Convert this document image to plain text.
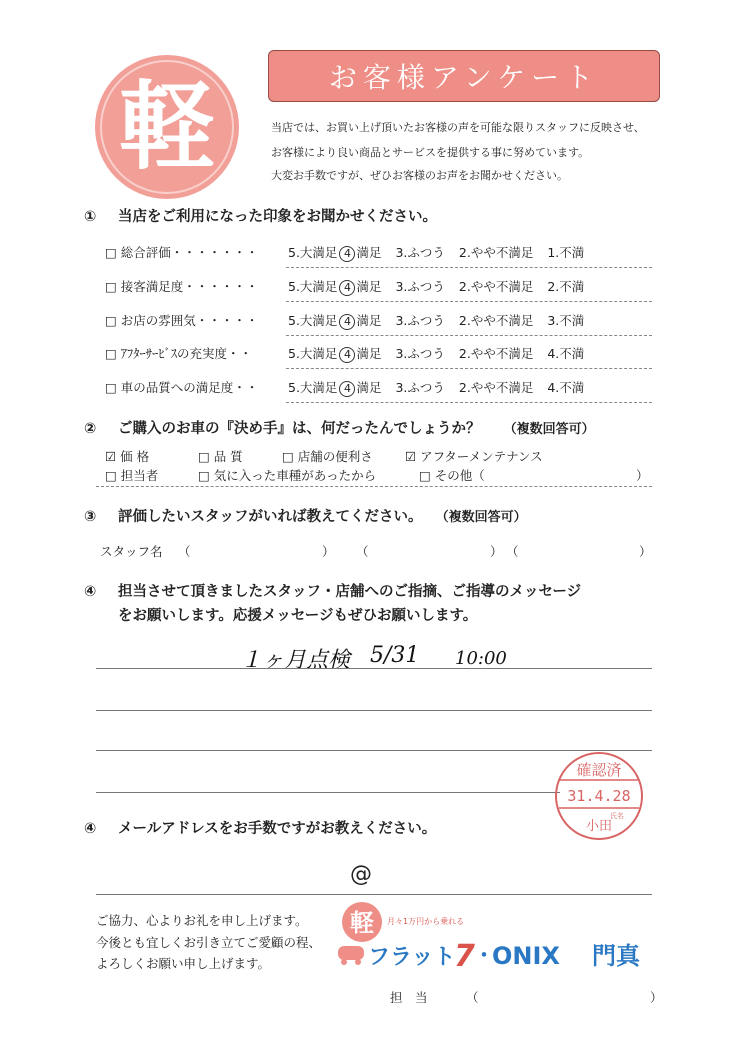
軽	お客様アンケート
当店では、お買い上げ頂いたお客様の声を可能な限りスタッフに反映させ、
お客様により良い商品とサービスを提供する事に努めています。
大変お手数ですが、ぜひお客様のお声をお聞かせください。
① 当店をご利用になった印象をお聞かせください。
□ 総合評価・・・・・・・ 5.大満足 4 満足 3.ふつう 2.やや不満足 1.不満
□ 接客満足度・・・・・・ 5.大満足 4 満足 3.ふつう 2.やや不満足 2.不満
□ お店の雰囲気・・・・・ 5.大満足 4 満足 3.ふつう 2.やや不満足 3.不満
□ ｱﾌﾀｰｻｰﾋﾞｽの充実度・・	5.大満足 4 満足 3.ふつう 2.やや不満足 4.不満
□ 車の品質への満足度・・ 5.大満足 4 満足 3.ふつう 2.やや不満足 4.不満
② ご購入のお車の『決め手』は、何だったんでしょうか？ （複数回答可）
☑ 価 格	□ 品 質	□ 店舗の便利さ	☑ アフターメンテナンス
□ 担当者	□ 気に入った車種があったから	□ その他（	）
③ 評価したいスタッフがいれば教えてください。 （複数回答可）
スタッフ名 （	） （	） （	）
④ 担当させて頂きましたスタッフ・店舗へのご指摘、ご指導のメッセージ
をお願いします。応援メッセージもぜひお願いします。
１ヶ月点検 5/31 10:00
確認済
31.4.28
氏名
小田
④ メールアドレスをお手数ですがお教えください。
@
ご協力、心よりお礼を申し上げます。
今後とも宜しくお引き立てご愛顧の程、
よろしくお願い申し上げます。
軽 月々1万円から乗れる
フラット
7 ・
ONIX 門真
担　当	（	）
